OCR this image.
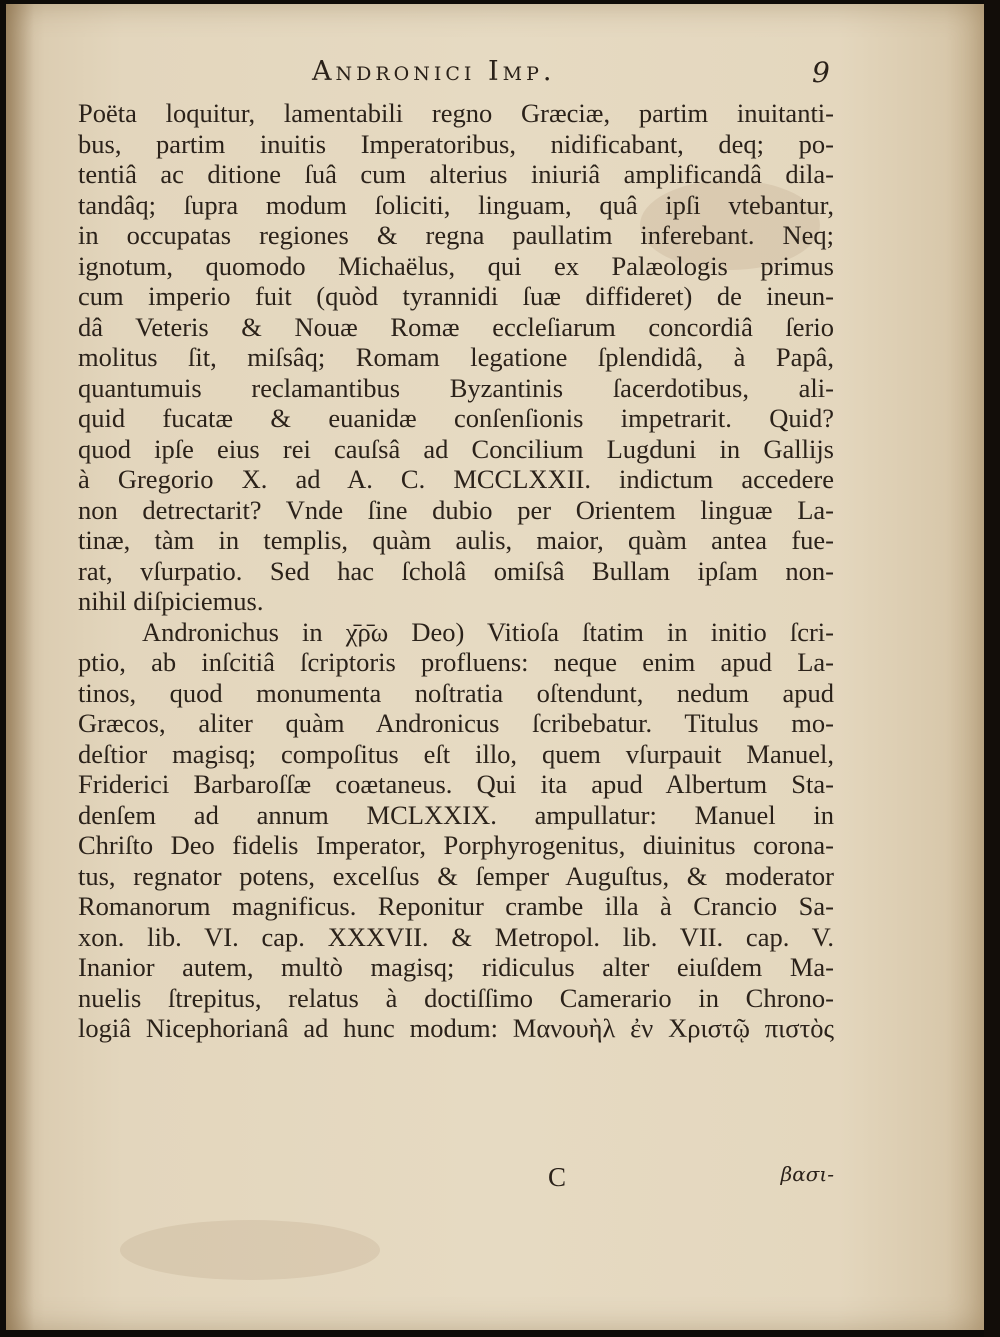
Andronici Imp.	9
Poëta loquitur, lamentabili regno Græciæ, partim inuitanti-
bus, partim inuitis Imperatoribus, nidificabant, deq; po-
tentiâ ac ditione ſuâ cum alterius iniuriâ amplificandâ dila-
tandâq; ſupra modum ſoliciti, linguam, quâ ipſi vtebantur,
in occupatas regiones & regna paullatim inferebant. Neq;
ignotum, quomodo Michaëlus, qui ex Palæologis primus
cum imperio fuit (quòd tyrannidi ſuæ diffideret) de ineun-
dâ Veteris & Nouæ Romæ eccleſiarum concordiâ ſerio
molitus ſit, miſsâq; Romam legatione ſplendidâ, à Papâ,
quantumuis reclamantibus Byzantinis ſacerdotibus, ali-
quid fucatæ & euanidæ conſenſionis impetrarit. Quid?
quod ipſe eius rei cauſsâ ad Concilium Lugduni in Gallijs
à Gregorio X. ad A. C. MCCLXXII. indictum accedere
non detrectarit? Vnde ſine dubio per Orientem linguæ La-
tinæ, tàm in templis, quàm aulis, maior, quàm antea fue-
rat, vſurpatio. Sed hac ſcholâ omiſsâ Bullam ipſam non-
nihil diſpiciemus.
Andronichus in χ̄ρ̄ω Deo) Vitioſa ſtatim in initio ſcri-
ptio, ab inſcitiâ ſcriptoris profluens: neque enim apud La-
tinos, quod monumenta noſtratia oſtendunt, nedum apud
Græcos, aliter quàm Andronicus ſcribebatur. Titulus mo-
deſtior magisq; compoſitus eſt illo, quem vſurpauit Manuel,
Friderici Barbaroſſæ coætaneus. Qui ita apud Albertum Sta-
denſem ad annum MCLXXIX. ampullatur: Manuel in
Chriſto Deo fidelis Imperator, Porphyrogenitus, diuinitus corona-
tus, regnator potens, excelſus & ſemper Auguſtus, & moderator
Romanorum magnificus. Reponitur crambe illa à Crancio Sa-
xon. lib. VI. cap. XXXVII. & Metropol. lib. VII. cap. V.
Inanior autem, multò magisq; ridiculus alter eiuſdem Ma-
nuelis ſtrepitus, relatus à doctiſſimo Camerario in Chrono-
logiâ Nicephorianâ ad hunc modum: Μανουὴλ ἐν Χριστῷ πιστὸς
C	βασι-
